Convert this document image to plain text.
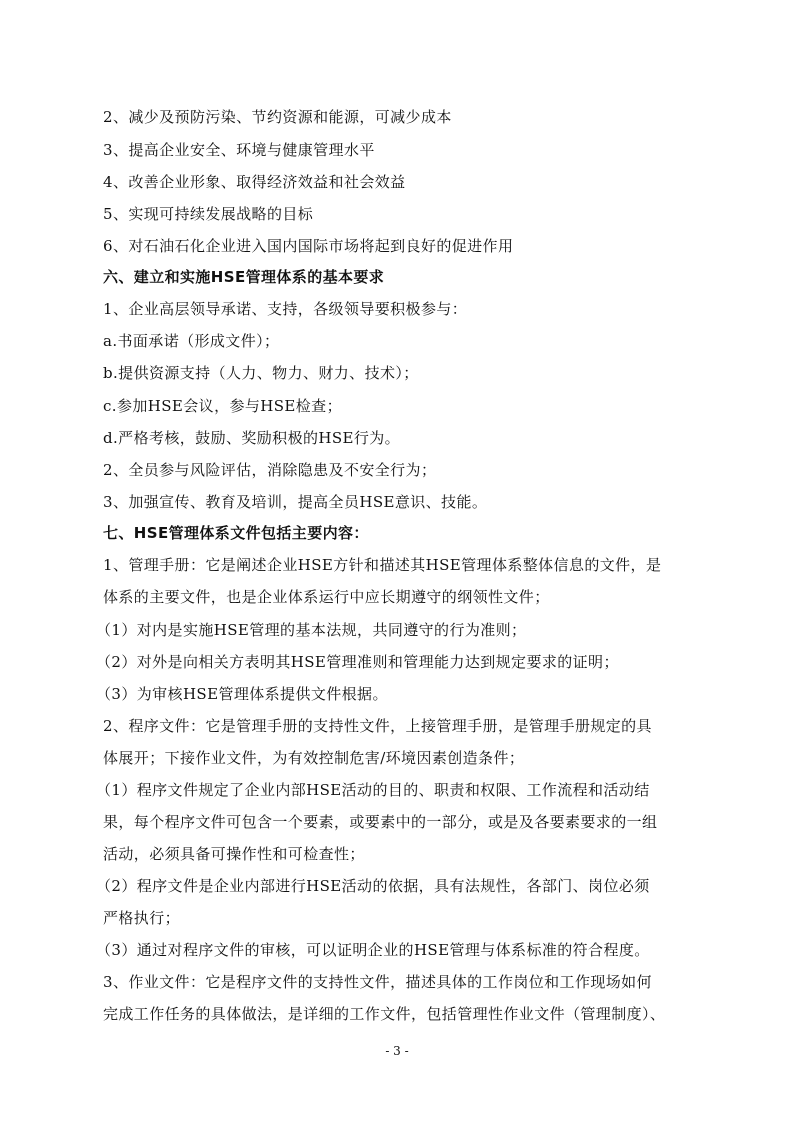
2、减少及预防污染、节约资源和能源，可减少成本
3、提高企业安全、环境与健康管理水平
4、改善企业形象、取得经济效益和社会效益
5、实现可持续发展战略的目标
6、对石油石化企业进入国内国际市场将起到良好的促进作用
六、建立和实施HSE管理体系的基本要求
1、企业高层领导承诺、支持，各级领导要积极参与：
a.书面承诺（形成文件）；
b.提供资源支持（人力、物力、财力、技术）；
c.参加HSE会议，参与HSE检查；
d.严格考核，鼓励、奖励积极的HSE行为。
2、全员参与风险评估，消除隐患及不安全行为；
3、加强宣传、教育及培训，提高全员HSE意识、技能。
七、HSE管理体系文件包括主要内容：
1、管理手册：它是阐述企业HSE方针和描述其HSE管理体系整体信息的文件，是
体系的主要文件，也是企业体系运行中应长期遵守的纲领性文件；
（1）对内是实施HSE管理的基本法规，共同遵守的行为准则；
（2）对外是向相关方表明其HSE管理准则和管理能力达到规定要求的证明；
（3）为审核HSE管理体系提供文件根据。
2、程序文件：它是管理手册的支持性文件，上接管理手册，是管理手册规定的具
体展开；下接作业文件，为有效控制危害/环境因素创造条件；
（1）程序文件规定了企业内部HSE活动的目的、职责和权限、工作流程和活动结
果，每个程序文件可包含一个要素，或要素中的一部分，或是及各要素要求的一组
活动，必须具备可操作性和可检查性；
（2）程序文件是企业内部进行HSE活动的依据，具有法规性，各部门、岗位必须
严格执行；
（3）通过对程序文件的审核，可以证明企业的HSE管理与体系标准的符合程度。
3、作业文件：它是程序文件的支持性文件，描述具体的工作岗位和工作现场如何
完成工作任务的具体做法，是详细的工作文件，包括管理性作业文件（管理制度）、
- 3 -
